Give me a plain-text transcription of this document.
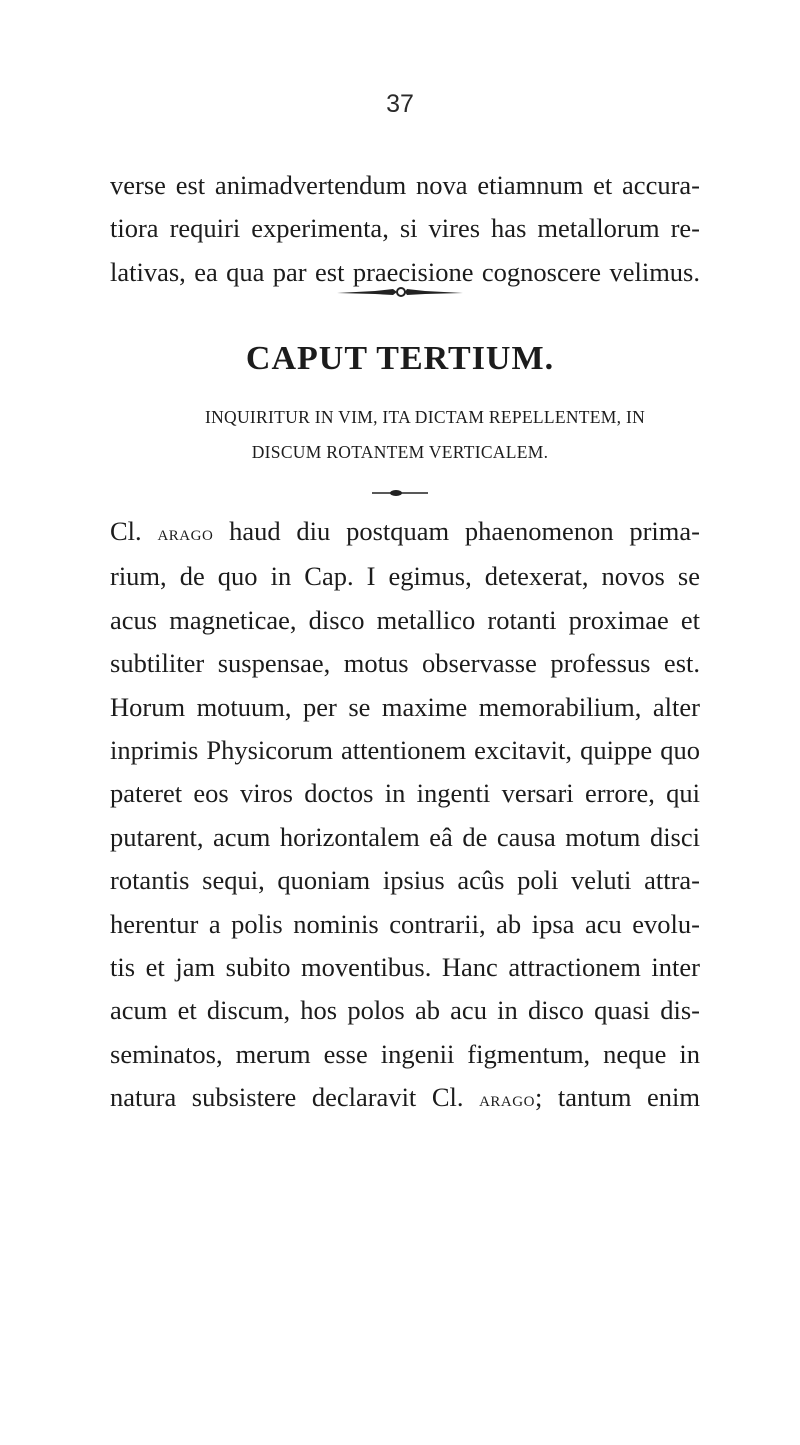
37
verse est animadvertendum nova etiamnum et accura-
tiora requiri experimenta, si vires has metallorum re-
lativas, ea qua par est praecisione cognoscere velimus.
CAPUT TERTIUM.
INQUIRITUR IN VIM, ITA DICTAM REPELLENTEM, IN
DISCUM ROTANTEM VERTICALEM.
Cl. arago haud diu postquam phaenomenon prima-
rium, de quo in Cap. I egimus, detexerat, novos se
acus magneticae, disco metallico rotanti proximae et
subtiliter suspensae, motus observasse professus est.
Horum motuum, per se maxime memorabilium, alter
inprimis Physicorum attentionem excitavit, quippe quo
pateret eos viros doctos in ingenti versari errore, qui
putarent, acum horizontalem eâ de causa motum disci
rotantis sequi, quoniam ipsius acûs poli veluti attra-
herentur a polis nominis contrarii, ab ipsa acu evolu-
tis et jam subito moventibus. Hanc attractionem inter
acum et discum, hos polos ab acu in disco quasi dis-
seminatos, merum esse ingenii figmentum, neque in
natura subsistere declaravit Cl. arago; tantum enim
